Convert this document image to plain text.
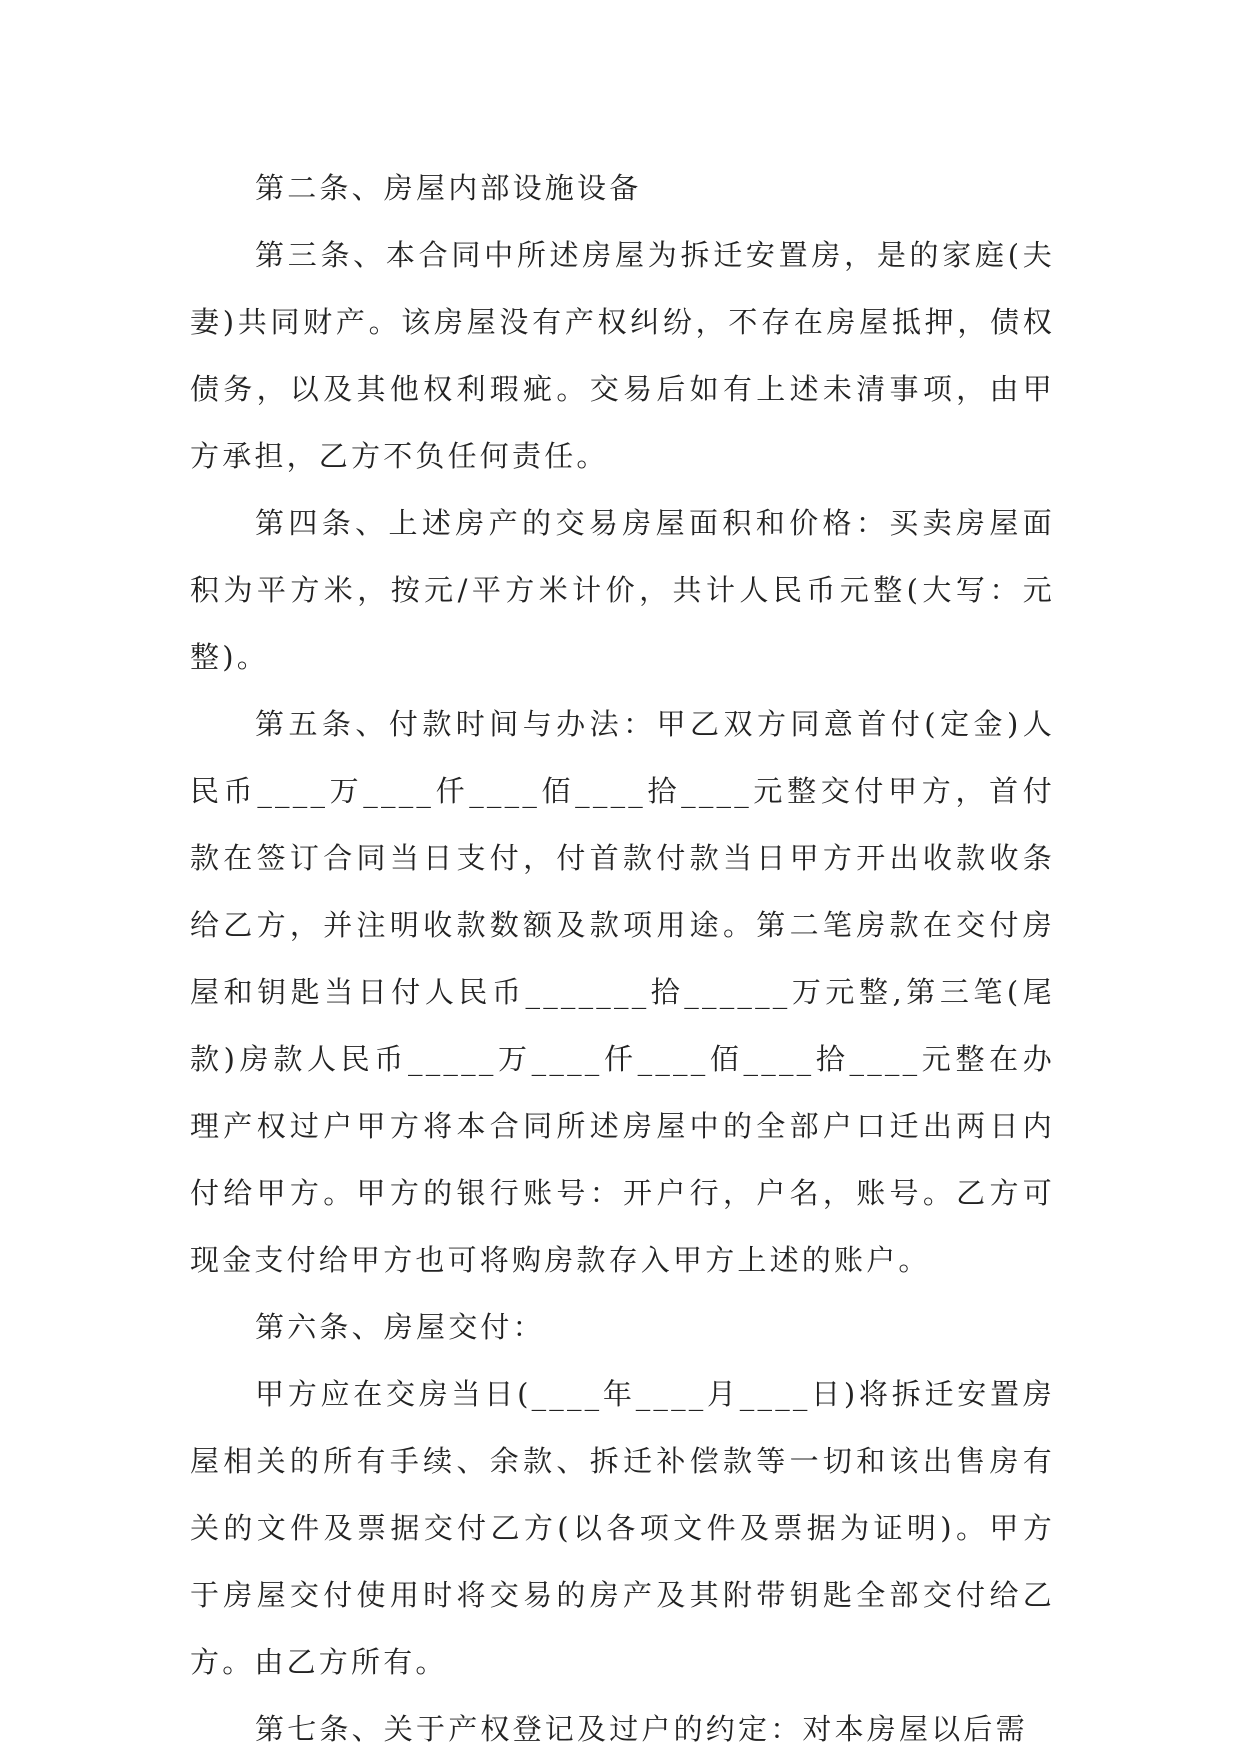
第二条、房屋内部设施设备

第三条、本合同中所述房屋为拆迁安置房，是的家庭(夫妻)共同财产。该房屋没有产权纠纷，不存在房屋抵押，债权债务，以及其他权利瑕疵。交易后如有上述未清事项，由甲方承担，乙方不负任何责任。

第四条、上述房产的交易房屋面积和价格：买卖房屋面积为平方米，按元/平方米计价，共计人民币元整(大写：元整)。

第五条、付款时间与办法：甲乙双方同意首付(定金)人民币____万____仟____佰____拾____元整交付甲方，首付款在签订合同当日支付，付首款付款当日甲方开出收款收条给乙方，并注明收款数额及款项用途。第二笔房款在交付房屋和钥匙当日付人民币_______拾______万元整,第三笔(尾款)房款人民币_____万____仟____佰____拾____元整在办理产权过户甲方将本合同所述房屋中的全部户口迁出两日内付给甲方。甲方的银行账号：开户行，户名，账号。乙方可现金支付给甲方也可将购房款存入甲方上述的账户。

第六条、房屋交付：

甲方应在交房当日(____年____月____日)将拆迁安置房屋相关的所有手续、余款、拆迁补偿款等一切和该出售房有关的文件及票据交付乙方(以各项文件及票据为证明)。甲方于房屋交付使用时将交易的房产及其附带钥匙全部交付给乙方。由乙方所有。

第七条、关于产权登记及过户的约定：对本房屋以后需
